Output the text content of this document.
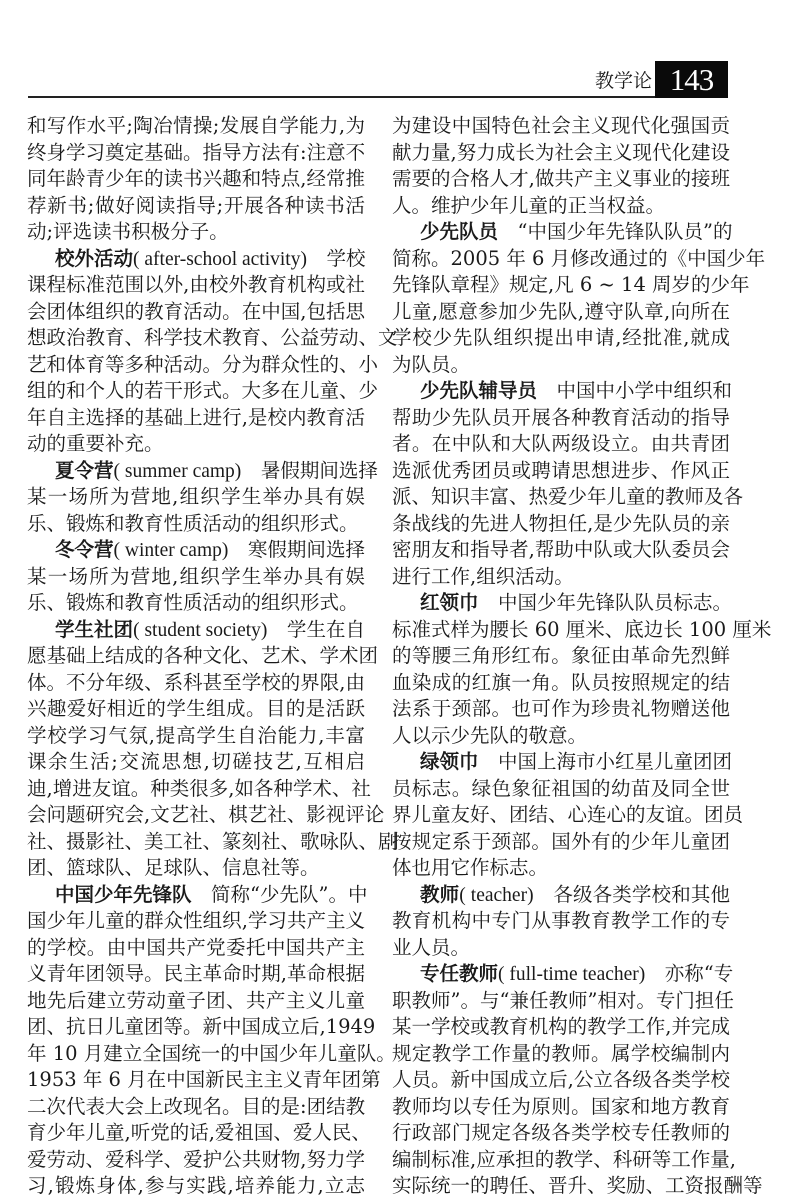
教学论 143
和写作水平;陶冶情操;发展自学能力,为
终身学习奠定基础。指导方法有:注意不
同年龄青少年的读书兴趣和特点,经常推
荐新书;做好阅读指导;开展各种读书活
动;评选读书积极分子。
校外活动( after-school activity)　学校
课程标准范围以外,由校外教育机构或社
会团体组织的教育活动。在中国,包括思
想政治教育、科学技术教育、公益劳动、文
艺和体育等多种活动。分为群众性的、小
组的和个人的若干形式。大多在儿童、少
年自主选择的基础上进行,是校内教育活
动的重要补充。
夏令营( summer camp)　暑假期间选择
某一场所为营地,组织学生举办具有娱
乐、锻炼和教育性质活动的组织形式。
冬令营( winter camp)　寒假期间选择
某一场所为营地,组织学生举办具有娱
乐、锻炼和教育性质活动的组织形式。
学生社团( student society)　学生在自
愿基础上结成的各种文化、艺术、学术团
体。不分年级、系科甚至学校的界限,由
兴趣爱好相近的学生组成。目的是活跃
学校学习气氛,提高学生自治能力,丰富
课余生活;交流思想,切磋技艺,互相启
迪,增进友谊。种类很多,如各种学术、社
会问题研究会,文艺社、棋艺社、影视评论
社、摄影社、美工社、篆刻社、歌咏队、剧
团、篮球队、足球队、信息社等。
中国少年先锋队　简称“少先队”。中
国少年儿童的群众性组织,学习共产主义
的学校。由中国共产党委托中国共产主
义青年团领导。民主革命时期,革命根据
地先后建立劳动童子团、共产主义儿童
团、抗日儿童团等。新中国成立后,1949
年 10 月建立全国统一的中国少年儿童队。
1953 年 6 月在中国新民主主义青年团第
二次代表大会上改现名。目的是:团结教
育少年儿童,听党的话,爱祖国、爱人民、
爱劳动、爱科学、爱护公共财物,努力学
习,锻炼身体,参与实践,培养能力,立志
为建设中国特色社会主义现代化强国贡
献力量,努力成长为社会主义现代化建设
需要的合格人才,做共产主义事业的接班
人。维护少年儿童的正当权益。
少先队员　“中国少年先锋队队员”的
简称。2005 年 6 月修改通过的《中国少年
先锋队章程》规定,凡 6 ~ 14 周岁的少年
儿童,愿意参加少先队,遵守队章,向所在
学校少先队组织提出申请,经批准,就成
为队员。
少先队辅导员　中国中小学中组织和
帮助少先队员开展各种教育活动的指导
者。在中队和大队两级设立。由共青团
选派优秀团员或聘请思想进步、作风正
派、知识丰富、热爱少年儿童的教师及各
条战线的先进人物担任,是少先队员的亲
密朋友和指导者,帮助中队或大队委员会
进行工作,组织活动。
红领巾　中国少年先锋队队员标志。
标准式样为腰长 60 厘米、底边长 100 厘米
的等腰三角形红布。象征由革命先烈鲜
血染成的红旗一角。队员按照规定的结
法系于颈部。也可作为珍贵礼物赠送他
人以示少先队的敬意。
绿领巾　中国上海市小红星儿童团团
员标志。绿色象征祖国的幼苗及同全世
界儿童友好、团结、心连心的友谊。团员
按规定系于颈部。国外有的少年儿童团
体也用它作标志。
教师( teacher)　各级各类学校和其他
教育机构中专门从事教育教学工作的专
业人员。
专任教师( full-time teacher)　亦称“专
职教师”。与“兼任教师”相对。专门担任
某一学校或教育机构的教学工作,并完成
规定教学工作量的教师。属学校编制内
人员。新中国成立后,公立各级各类学校
教师均以专任为原则。国家和地方教育
行政部门规定各级各类学校专任教师的
编制标准,应承担的教学、科研等工作量,
实际统一的聘任、晋升、奖励、工资报酬等
